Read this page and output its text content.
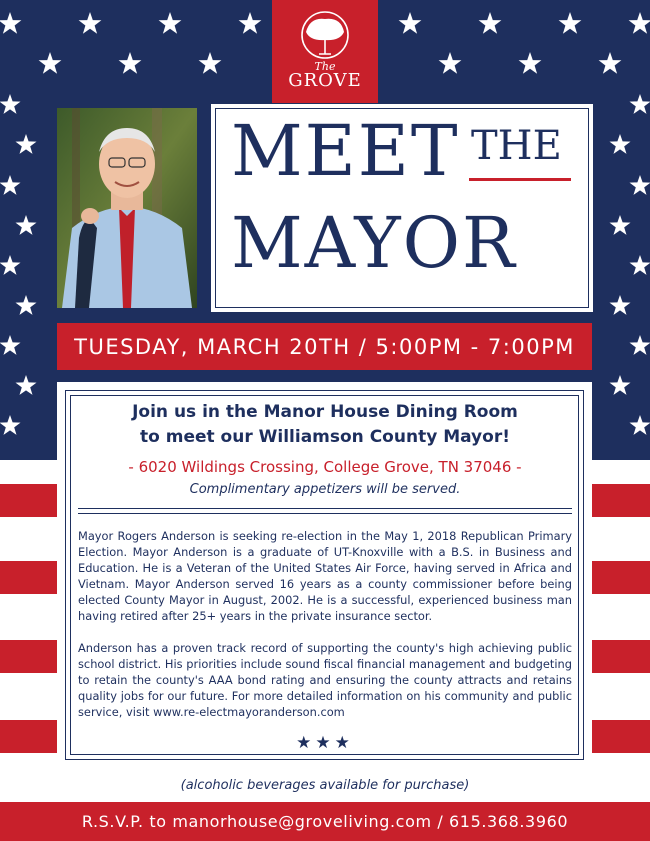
The
GROVE
MEET THE
MAYOR
TUESDAY, MARCH 20TH / 5:00PM - 7:00PM
Join us in the Manor House Dining Room
to meet our Williamson County Mayor!
- 6020 Wildings Crossing, College Grove, TN 37046 -
Complimentary appetizers will be served.
Mayor Rogers Anderson is seeking re-election in the May 1, 2018 Republican Primary Election. Mayor Anderson is a graduate of UT-Knoxville with a B.S. in Business and Education. He is a Veteran of the United States Air Force, having served in Africa and Vietnam. Mayor Anderson served 16 years as a county commissioner before being elected County Mayor in August, 2002. He is a successful, experienced business man having retired after 25+ years in the private insurance sector.
Anderson has a proven track record of supporting the county's high achieving public school district. His priorities include sound fiscal financial management and budgeting to retain the county's AAA bond rating and ensuring the county attracts and retains quality jobs for our future. For more detailed information on his community and public service, visit www.re-electmayoranderson.com
★★★
(alcoholic beverages available for purchase)
R.S.V.P. to manorhouse@groveliving.com / 615.368.3960
